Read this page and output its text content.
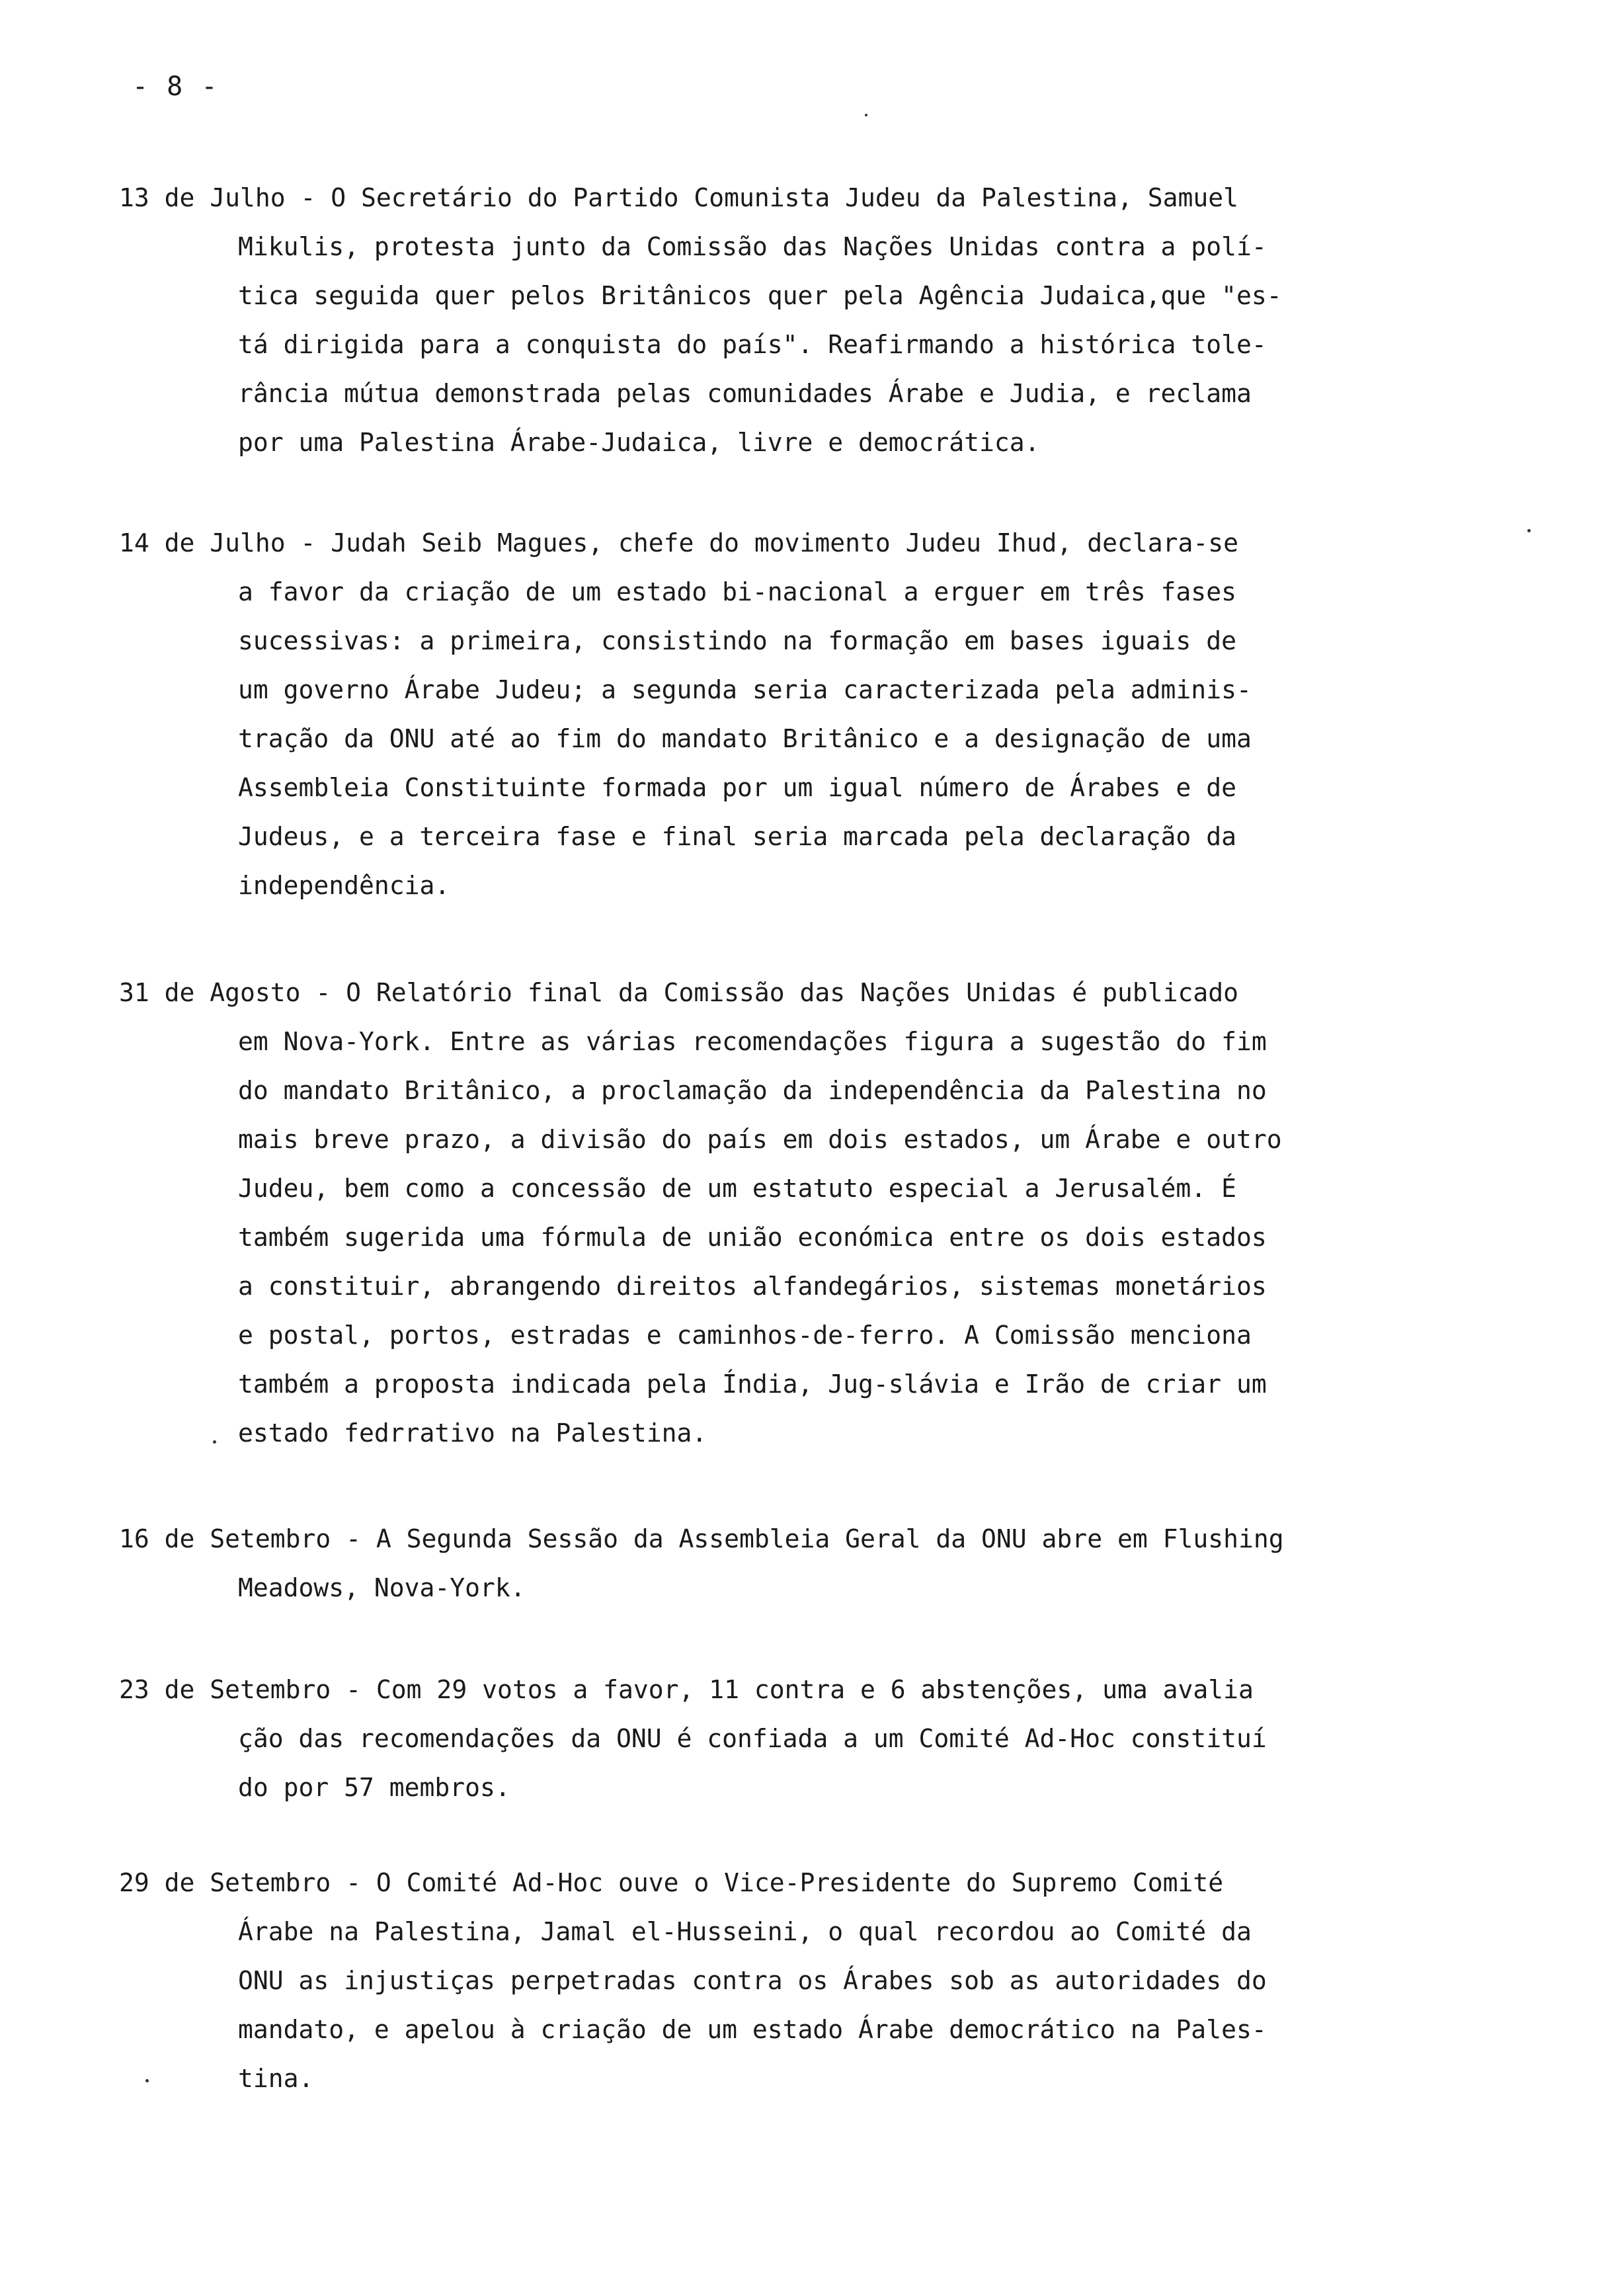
- 8 -
13 de Julho - O Secretário do Partido Comunista Judeu da Palestina, Samuel
Mikulis, protesta junto da Comissão das Nações Unidas contra a polí-
tica seguida quer pelos Britânicos quer pela Agência Judaica,que "es-
tá dirigida para a conquista do país". Reafirmando a histórica tole-
rância mútua demonstrada pelas comunidades Árabe e Judia, e reclama
por uma Palestina Árabe-Judaica, livre e democrática.
14 de Julho - Judah Seib Magues, chefe do movimento Judeu Ihud, declara-se
a favor da criação de um estado bi-nacional a erguer em três fases
sucessivas: a primeira, consistindo na formação em bases iguais de
um governo Árabe Judeu; a segunda seria caracterizada pela adminis-
tração da ONU até ao fim do mandato Britânico e a designação de uma
Assembleia Constituinte formada por um igual número de Árabes e de
Judeus, e a terceira fase e final seria marcada pela declaração da
independência.
31 de Agosto - O Relatório final da Comissão das Nações Unidas é publicado
em Nova-York. Entre as várias recomendações figura a sugestão do fim
do mandato Britânico, a proclamação da independência da Palestina no
mais breve prazo, a divisão do país em dois estados, um Árabe e outro
Judeu, bem como a concessão de um estatuto especial a Jerusalém. É
também sugerida uma fórmula de união económica entre os dois estados
a constituir, abrangendo direitos alfandegários, sistemas monetários
e postal, portos, estradas e caminhos-de-ferro. A Comissão menciona
também a proposta indicada pela Índia, Jug-slávia e Irão de criar um
estado fedrrativo na Palestina.
16 de Setembro - A Segunda Sessão da Assembleia Geral da ONU abre em Flushing
Meadows, Nova-York.
23 de Setembro - Com 29 votos a favor, 11 contra e 6 abstenções, uma avalia
ção das recomendações da ONU é confiada a um Comité Ad-Hoc constituí
do por 57 membros.
29 de Setembro - O Comité Ad-Hoc ouve o Vice-Presidente do Supremo Comité
Árabe na Palestina, Jamal el-Husseini, o qual recordou ao Comité da
ONU as injustiças perpetradas contra os Árabes sob as autoridades do
mandato, e apelou à criação de um estado Árabe democrático na Pales-
tina.
